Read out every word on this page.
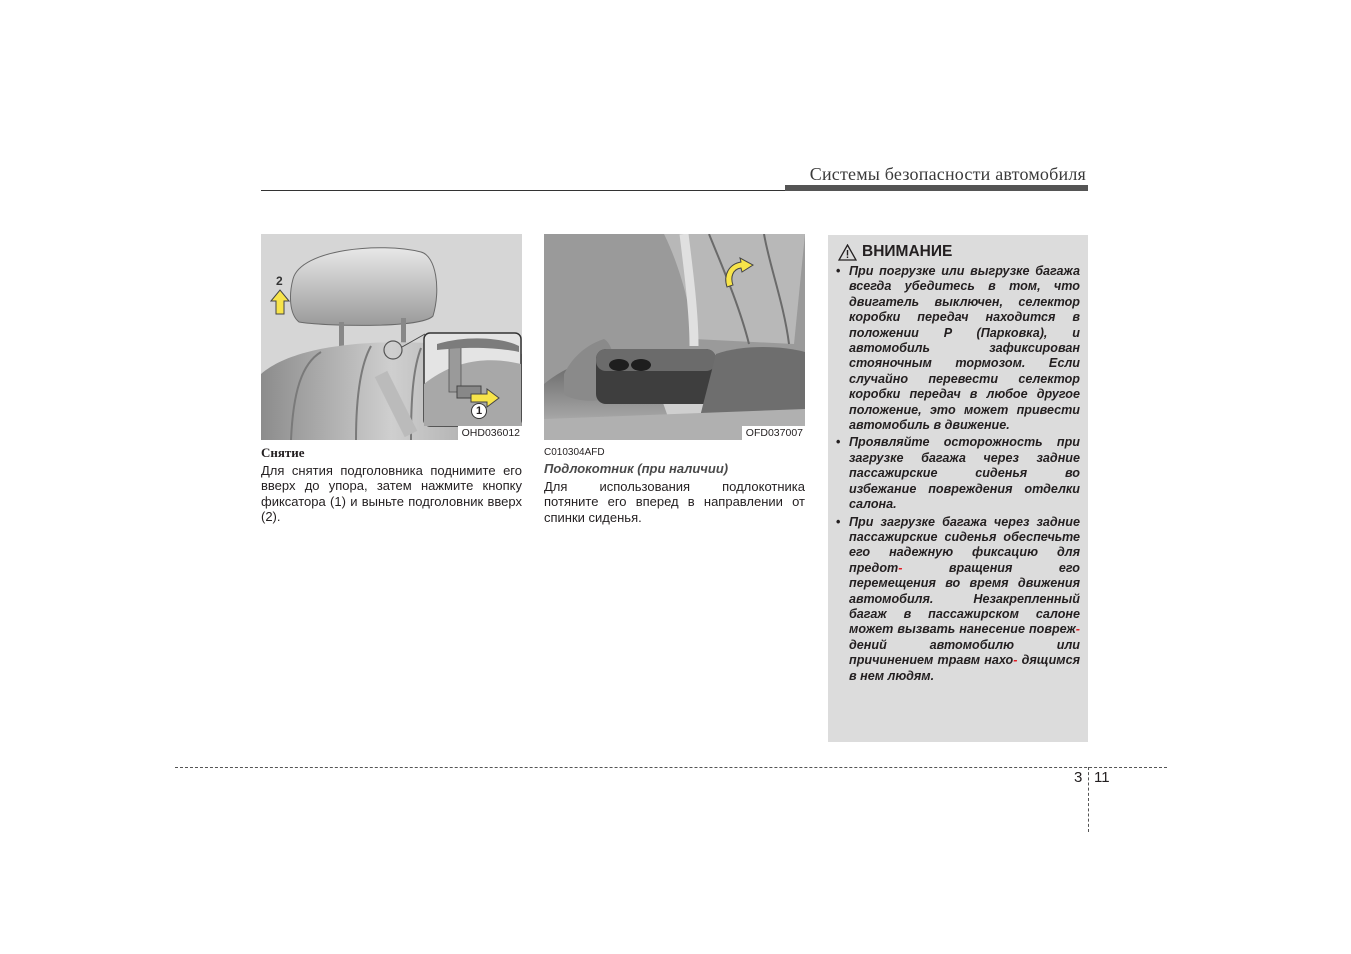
Системы безопасности автомобиля
1
2
OHD036012	OFD037007
Снятие

Для снятия подголовника поднимите его вверх до упора, затем нажмите кнопку фиксатора (1) и выньте подголовник вверх (2).

C010304AFD
Подлокотник (при наличии)

Для использования подлокотника потяните его вперед в направлении от спинки сиденья.

ВНИМАНИЕ
• При погрузке или выгрузке багажа всегда убедитесь в том, что двигатель выключен, селектор коробки передач находится в положении P (Парковка), и автомобиль зафиксирован стояночным тормозом. Если случайно перевести селектор коробки передач в любое другое положение, это может привести автомобиль в движение.
• Проявляйте осторожность при загрузке багажа через задние пассажирские сиденья во избежание повреждения отделки салона.
• При загрузке багажа через задние пассажирские сиденья обеспечьте его надежную фиксацию для предот-	вращения его перемещения во время движения автомобиля. Незакрепленный багаж в пассажирском салоне может вызвать нанесение повреж- дений автомобилю или причинением травм нахо- дящимся в нем людям.
3 11
